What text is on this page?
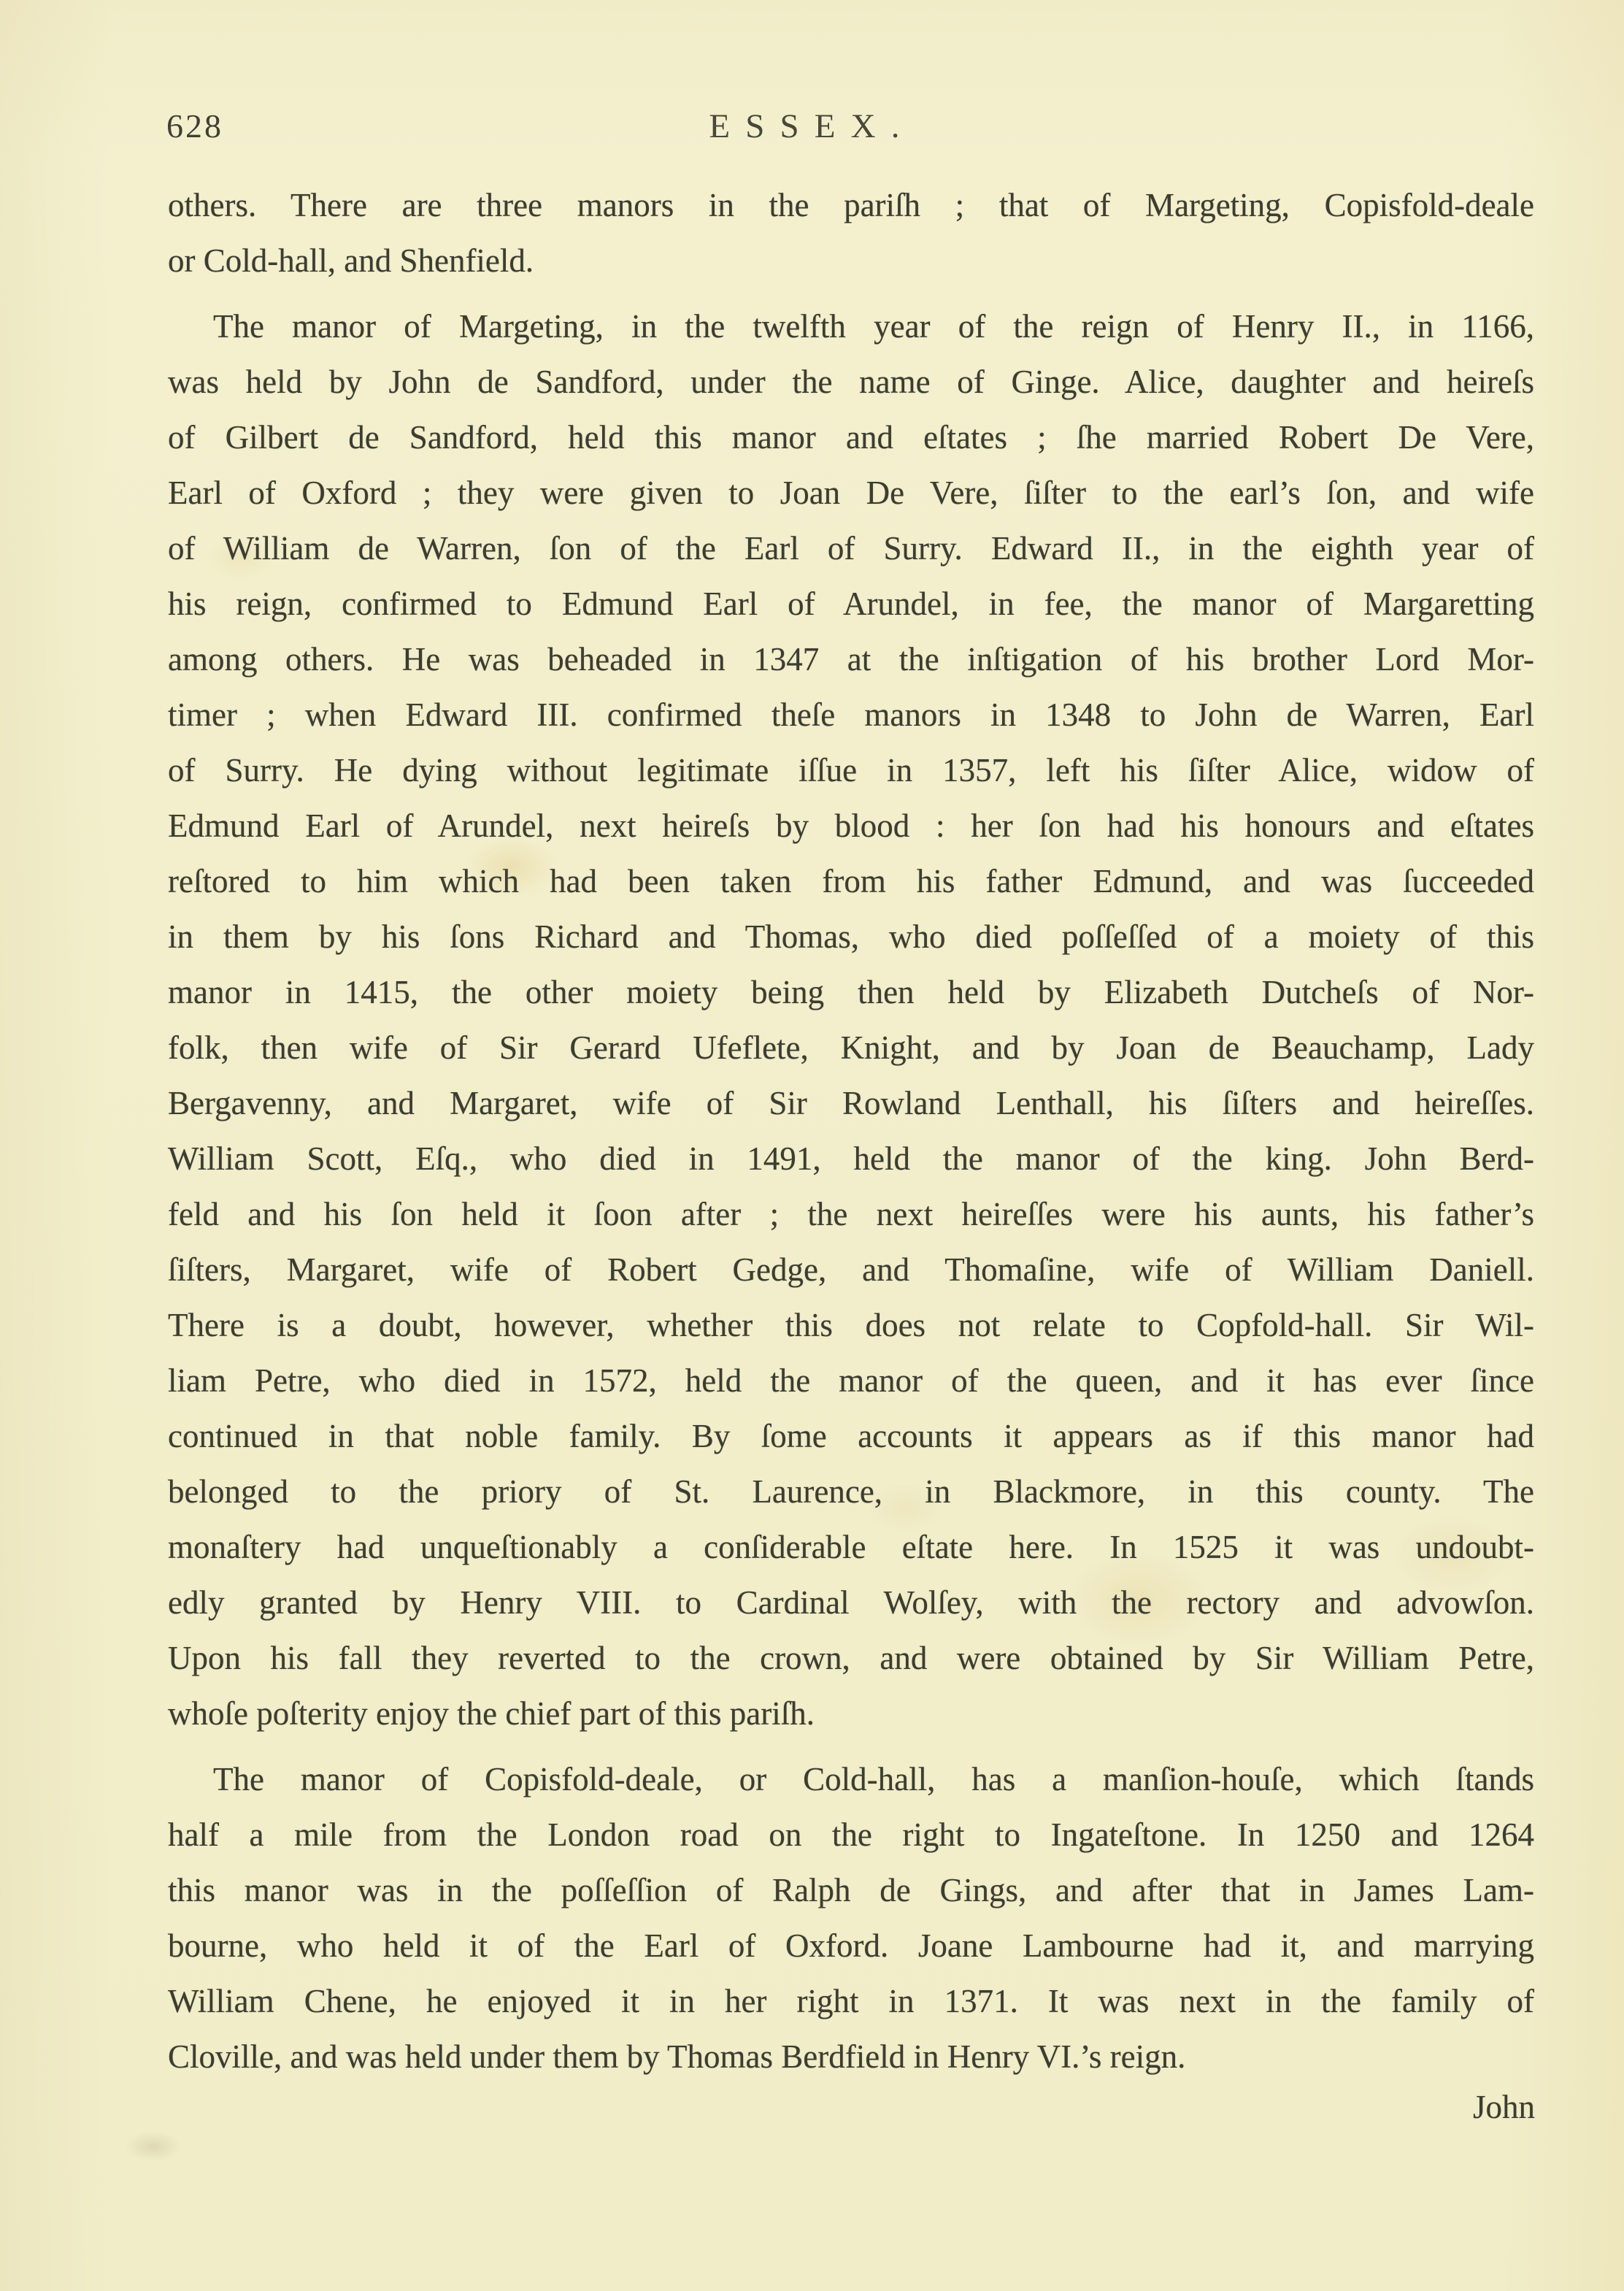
628	ESSEX.
others. There are three manors in the pariſh ; that of Margeting, Copisfold-deale
or Cold-hall, and Shenfield.
The manor of Margeting, in the twelfth year of the reign of Henry II., in 1166,
was held by John de Sandford, under the name of Ginge. Alice, daughter and heireſs
of Gilbert de Sandford, held this manor and eſtates ; ſhe married Robert De Vere,
Earl of Oxford ; they were given to Joan De Vere, ſiſter to the earl’s ſon, and wife
of William de Warren, ſon of the Earl of Surry. Edward II., in the eighth year of
his reign, confirmed to Edmund Earl of Arundel, in fee, the manor of Margaretting
among others. He was beheaded in 1347 at the inſtigation of his brother Lord Mor-
timer ; when Edward III. confirmed theſe manors in 1348 to John de Warren, Earl
of Surry. He dying without legitimate iſſue in 1357, left his ſiſter Alice, widow of
Edmund Earl of Arundel, next heireſs by blood : her ſon had his honours and eſtates
reſtored to him which had been taken from his father Edmund, and was ſucceeded
in them by his ſons Richard and Thomas, who died poſſeſſed of a moiety of this
manor in 1415, the other moiety being then held by Elizabeth Dutcheſs of Nor-
folk, then wife of Sir Gerard Ufeflete, Knight, and by Joan de Beauchamp, Lady
Bergavenny, and Margaret, wife of Sir Rowland Lenthall, his ſiſters and heireſſes.
William Scott, Eſq., who died in 1491, held the manor of the king. John Berd-
feld and his ſon held it ſoon after ; the next heireſſes were his aunts, his father’s
ſiſters, Margaret, wife of Robert Gedge, and Thomaſine, wife of William Daniell.
There is a doubt, however, whether this does not relate to Copfold-hall. Sir Wil-
liam Petre, who died in 1572, held the manor of the queen, and it has ever ſince
continued in that noble family. By ſome accounts it appears as if this manor had
belonged to the priory of St. Laurence, in Blackmore, in this county. The
monaſtery had unqueſtionably a conſiderable eſtate here. In 1525 it was undoubt-
edly granted by Henry VIII. to Cardinal Wolſey, with the rectory and advowſon.
Upon his fall they reverted to the crown, and were obtained by Sir William Petre,
whoſe poſterity enjoy the chief part of this pariſh.
The manor of Copisfold-deale, or Cold-hall, has a manſion-houſe, which ſtands
half a mile from the London road on the right to Ingateſtone. In 1250 and 1264
this manor was in the poſſeſſion of Ralph de Gings, and after that in James Lam-
bourne, who held it of the Earl of Oxford. Joane Lambourne had it, and marrying
William Chene, he enjoyed it in her right in 1371. It was next in the family of
Cloville, and was held under them by Thomas Berdfield in Henry VI.’s reign.
John
